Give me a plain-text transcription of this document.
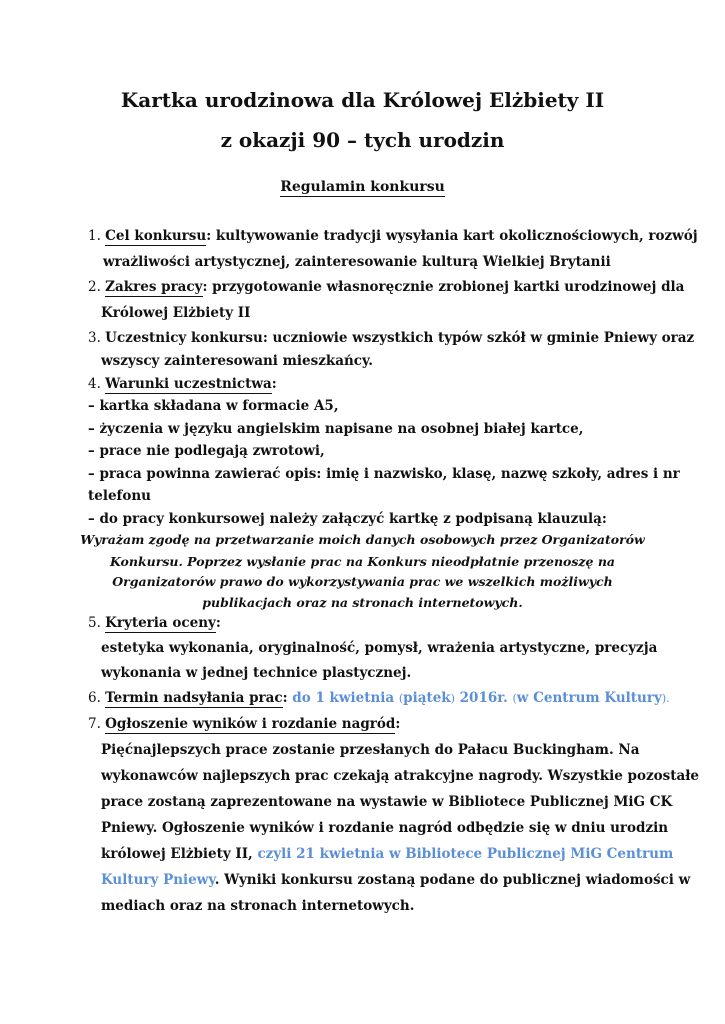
Kartka urodzinowa dla Królowej Elżbiety II
z okazji 90 – tych urodzin
Regulamin konkursu
1. Cel konkursu: kultywowanie tradycji wysyłania kart okolicznościowych, rozwój
wrażliwości artystycznej, zainteresowanie kulturą Wielkiej Brytanii
2. Zakres pracy: przygotowanie własnoręcznie zrobionej kartki urodzinowej dla
Królowej Elżbiety II
3. Uczestnicy konkursu: uczniowie wszystkich typów szkół w gminie Pniewy oraz
wszyscy zainteresowani mieszkańcy.
4. Warunki uczestnictwa:
– kartka składana w formacie A5,
– życzenia w języku angielskim napisane na osobnej białej kartce,
– prace nie podlegają zwrotowi,
– praca powinna zawierać opis: imię i nazwisko, klasę, nazwę szkoły, adres i nr
telefonu
– do pracy konkursowej należy załączyć kartkę z podpisaną klauzulą:
Wyrażam zgodę na przetwarzanie moich danych osobowych przez Organizatorów
Konkursu. Poprzez wysłanie prac na Konkurs nieodpłatnie przenoszę na
Organizatorów prawo do wykorzystywania prac we wszelkich możliwych
publikacjach oraz na stronach internetowych.
5. Kryteria oceny:
estetyka wykonania, oryginalność, pomysł, wrażenia artystyczne, precyzja
wykonania w jednej technice plastycznej.
6. Termin nadsyłania prac: do 1 kwietnia (piątek) 2016r. (w Centrum Kultury).
7. Ogłoszenie wyników i rozdanie nagród:
Pięćnajlepszych prace zostanie przesłanych do Pałacu Buckingham. Na
wykonawców najlepszych prac czekają atrakcyjne nagrody. Wszystkie pozostałe
prace zostaną zaprezentowane na wystawie w Bibliotece Publicznej MiG CK
Pniewy. Ogłoszenie wyników i rozdanie nagród odbędzie się w dniu urodzin
królowej Elżbiety II, czyli 21 kwietnia w Bibliotece Publicznej MiG Centrum
Kultury Pniewy. Wyniki konkursu zostaną podane do publicznej wiadomości w
mediach oraz na stronach internetowych.
